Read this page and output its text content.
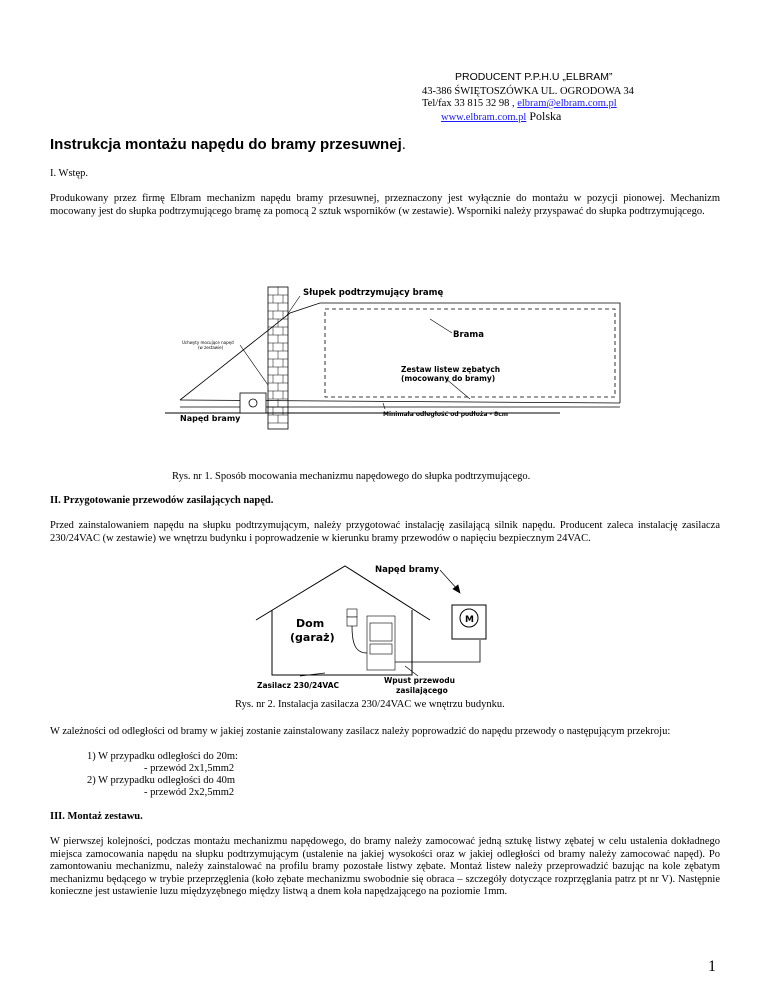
PRODUCENT P.P.H.U „ELBRAM”
43-386 ŚWIĘTOSZÓWKA UL. OGRODOWA 34
Tel/fax 33 815 32 98 , elbram@elbram.com.pl
www.elbram.com.pl Polska
Instrukcja montażu napędu do bramy przesuwnej.
I. Wstęp.
Produkowany przez firmę Elbram mechanizm napędu bramy przesuwnej, przeznaczony jest wyłącznie do montażu w pozycji pionowej. Mechanizm mocowany jest do słupka podtrzymującego bramę za pomocą 2 sztuk wsporników (w zestawie). Wsporniki należy przyspawać do słupka podtrzymującego.
Słupek podtrzymujący bramę
Brama
Uchwyty mocujące napęd
(w zestawie)
Zestaw listew zębatych
(mocowany do bramy)
Napęd bramy	Minimala odległość od podłoża - 8cm
Rys. nr 1. Sposób mocowania mechanizmu napędowego do słupka podtrzymującego.
II. Przygotowanie przewodów zasilających napęd.
Przed zainstalowaniem napędu na słupku podtrzymującym, należy przygotować instalację zasilającą silnik napędu. Producent zaleca instalację zasilacza 230/24VAC (w zestawie) we wnętrzu budynku i poprowadzenie w kierunku bramy przewodów o napięciu bezpiecznym 24VAC.
Napęd bramy
Dom
(garaż)
M
Zasilacz 230/24VAC
Wpust przewodu
zasilającego
Rys. nr 2. Instalacja zasilacza 230/24VAC we wnętrzu budynku.
W zależności od odległości od bramy w jakiej zostanie zainstalowany zasilacz należy poprowadzić do napędu przewody o następującym przekroju:
1) W przypadku odległości do 20m:
- przewód 2x1,5mm2
2) W przypadku odległości do 40m
- przewód 2x2,5mm2
III. Montaż zestawu.
W pierwszej kolejności, podczas montażu mechanizmu napędowego, do bramy należy zamocować jedną sztukę listwy zębatej w celu ustalenia dokładnego miejsca zamocowania napędu na słupku podtrzymującym (ustalenie na jakiej wysokości oraz w jakiej odległości od bramy należy zamocować napęd). Po zamontowaniu mechanizmu, należy zainstalować na profilu bramy pozostałe listwy zębate. Montaż listew należy przeprowadzić bazując na kole zębatym mechanizmu będącego w trybie przeprzęglenia (koło zębate mechanizmu swobodnie się obraca – szczegóły dotyczące rozprzęglania patrz pt nr V). Następnie konieczne jest ustawienie luzu międzyzębnego między listwą a dnem koła napędzającego na poziomie 1mm.
1
